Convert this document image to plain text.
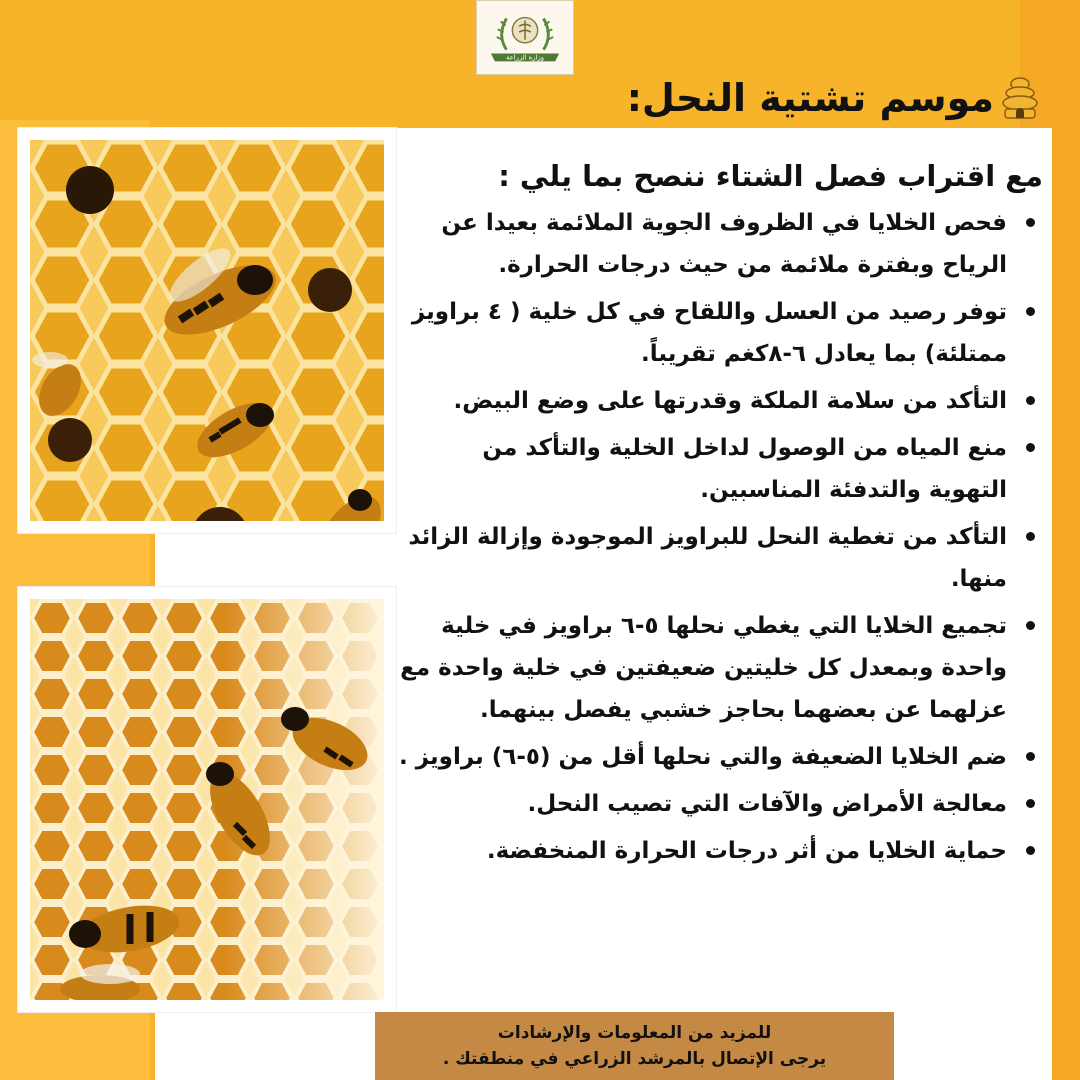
وزارة الزراعة
موسم تشتية النحل:
مع اقتراب فصل الشتاء ننصح بما يلي :
فحص الخلايا في الظروف الجوية الملائمة بعيدا عن الرياح وبفترة ملائمة من حيث درجات الحرارة.
توفر رصيد من العسل واللقاح في كل خلية ( ٤ براويز ممتلئة) بما يعادل ٦-٨كغم تقريباً.
التأكد من سلامة الملكة وقدرتها على وضع البيض.
منع المياه من الوصول لداخل الخلية والتأكد من التهوية والتدفئة المناسبين.
التأكد من تغطية النحل للبراويز الموجودة وإزالة الزائد منها.
تجميع الخلايا التي يغطي نحلها ٥-٦ براويز في خلية واحدة وبمعدل كل خليتين ضعيفتين في خلية واحدة مع عزلهما عن بعضهما بحاجز خشبي يفصل بينهما.
ضم الخلايا الضعيفة والتي نحلها أقل من (٥-٦) براويز .
معالجة الأمراض والآفات التي تصيب النحل.
حماية الخلايا من أثر درجات الحرارة المنخفضة.
للمزيد من المعلومات والإرشادات
يرجى الإتصال بالمرشد الزراعي في منطقتك .
